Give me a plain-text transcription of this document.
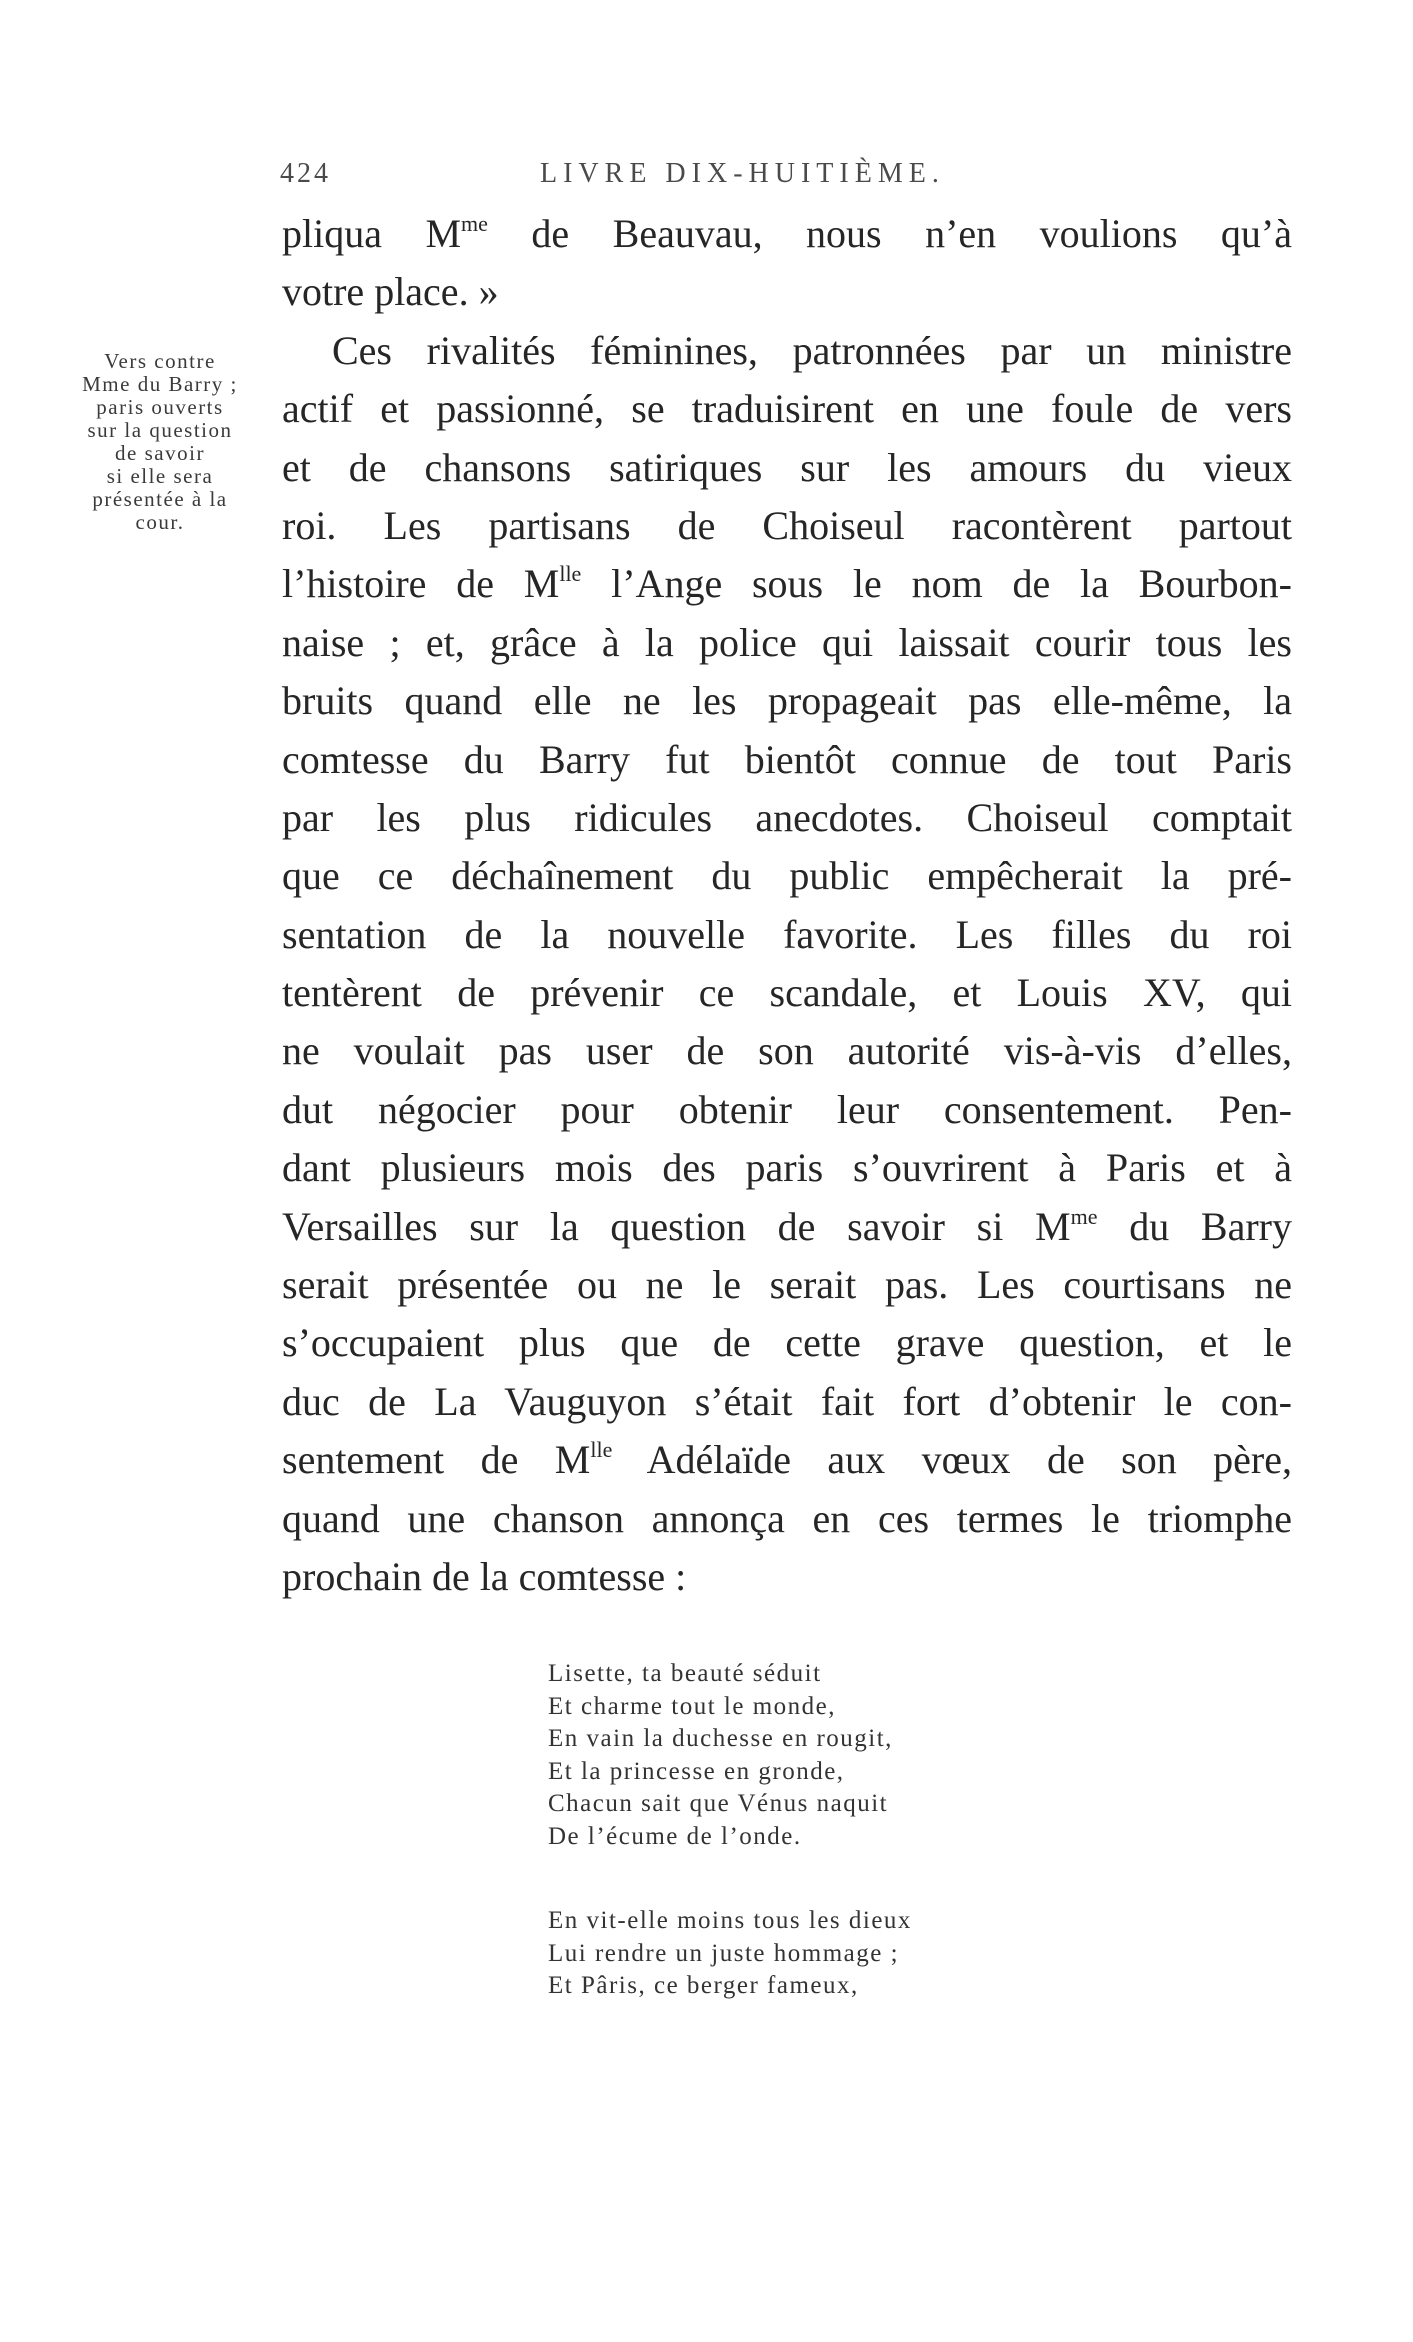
424	LIVRE DIX-HUITIÈME.
Vers contre
Mme du Barry ;
paris ouverts
sur la question
de savoir
si elle sera
présentée à la
cour.
pliqua $M^{me}$ de Beauvau, nous n’en voulions qu’à
votre place. »
Ces rivalités féminines, patronnées par un ministre
actif et passionné, se traduisirent en une foule de vers
et de chansons satiriques sur les amours du vieux
roi. Les partisans de Choiseul racontèrent partout
l’histoire de $M^{lle}$ l’Ange sous le nom de la Bourbon-
naise ; et, grâce à la police qui laissait courir tous les
bruits quand elle ne les propageait pas elle-même, la
comtesse du Barry fut bientôt connue de tout Paris
par les plus ridicules anecdotes. Choiseul comptait
que ce déchaînement du public empêcherait la pré-
sentation de la nouvelle favorite. Les filles du roi
tentèrent de prévenir ce scandale, et Louis XV, qui
ne voulait pas user de son autorité vis-à-vis d’elles,
dut négocier pour obtenir leur consentement. Pen-
dant plusieurs mois des paris s’ouvrirent à Paris et à
Versailles sur la question de savoir si $M^{me}$ du Barry
serait présentée ou ne le serait pas. Les courtisans ne
s’occupaient plus que de cette grave question, et le
duc de La Vauguyon s’était fait fort d’obtenir le con-
sentement de $M^{lle}$ Adélaïde aux vœux de son père,
quand une chanson annonça en ces termes le triomphe
prochain de la comtesse :
Lisette, ta beauté séduit
Et charme tout le monde,
En vain la duchesse en rougit,
Et la princesse en gronde,
Chacun sait que Vénus naquit
De l’écume de l’onde.
En vit-elle moins tous les dieux
Lui rendre un juste hommage ;
Et Pâris, ce berger fameux,
